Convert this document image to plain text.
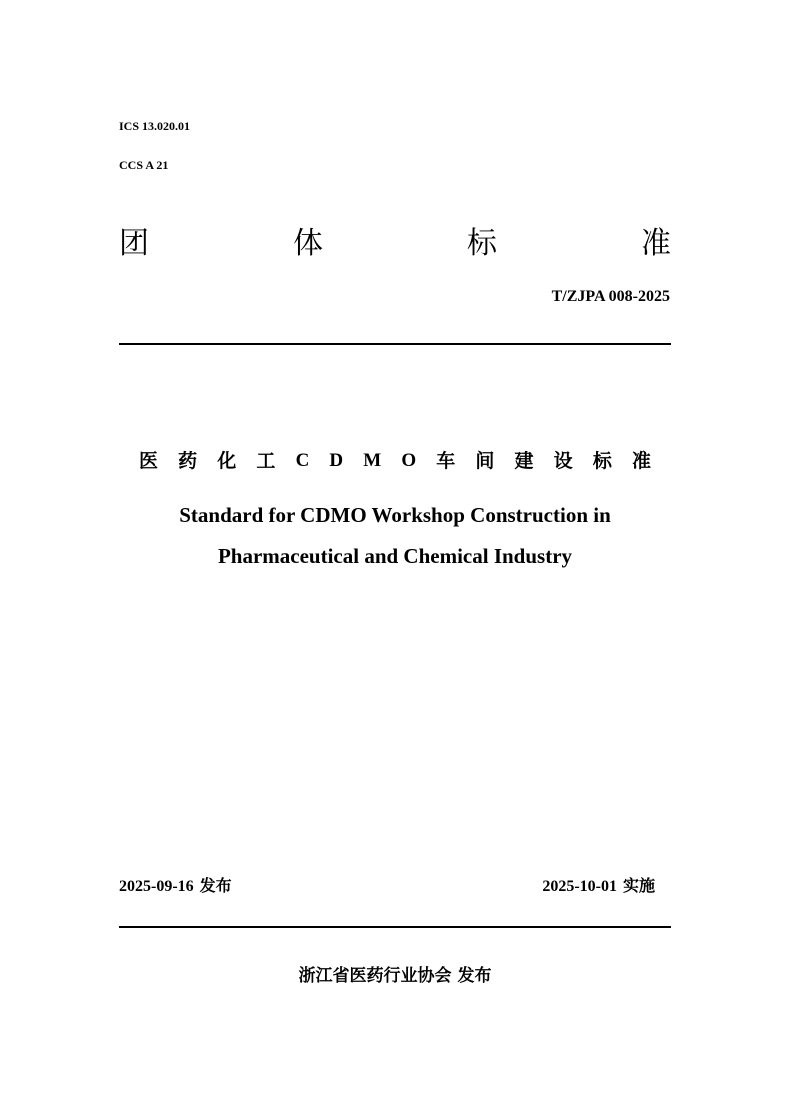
ICS 13.020.01
CCS A 21
团	体	标	准
T/ZJPA 008-2025
医 药 化 工 C D M O 车 间 建 设 标 准
Standard for CDMO Workshop Construction in
Pharmaceutical and Chemical Industry
2025-09-16 发布	2025-10-01 实施
浙江省医药行业协会 发布
